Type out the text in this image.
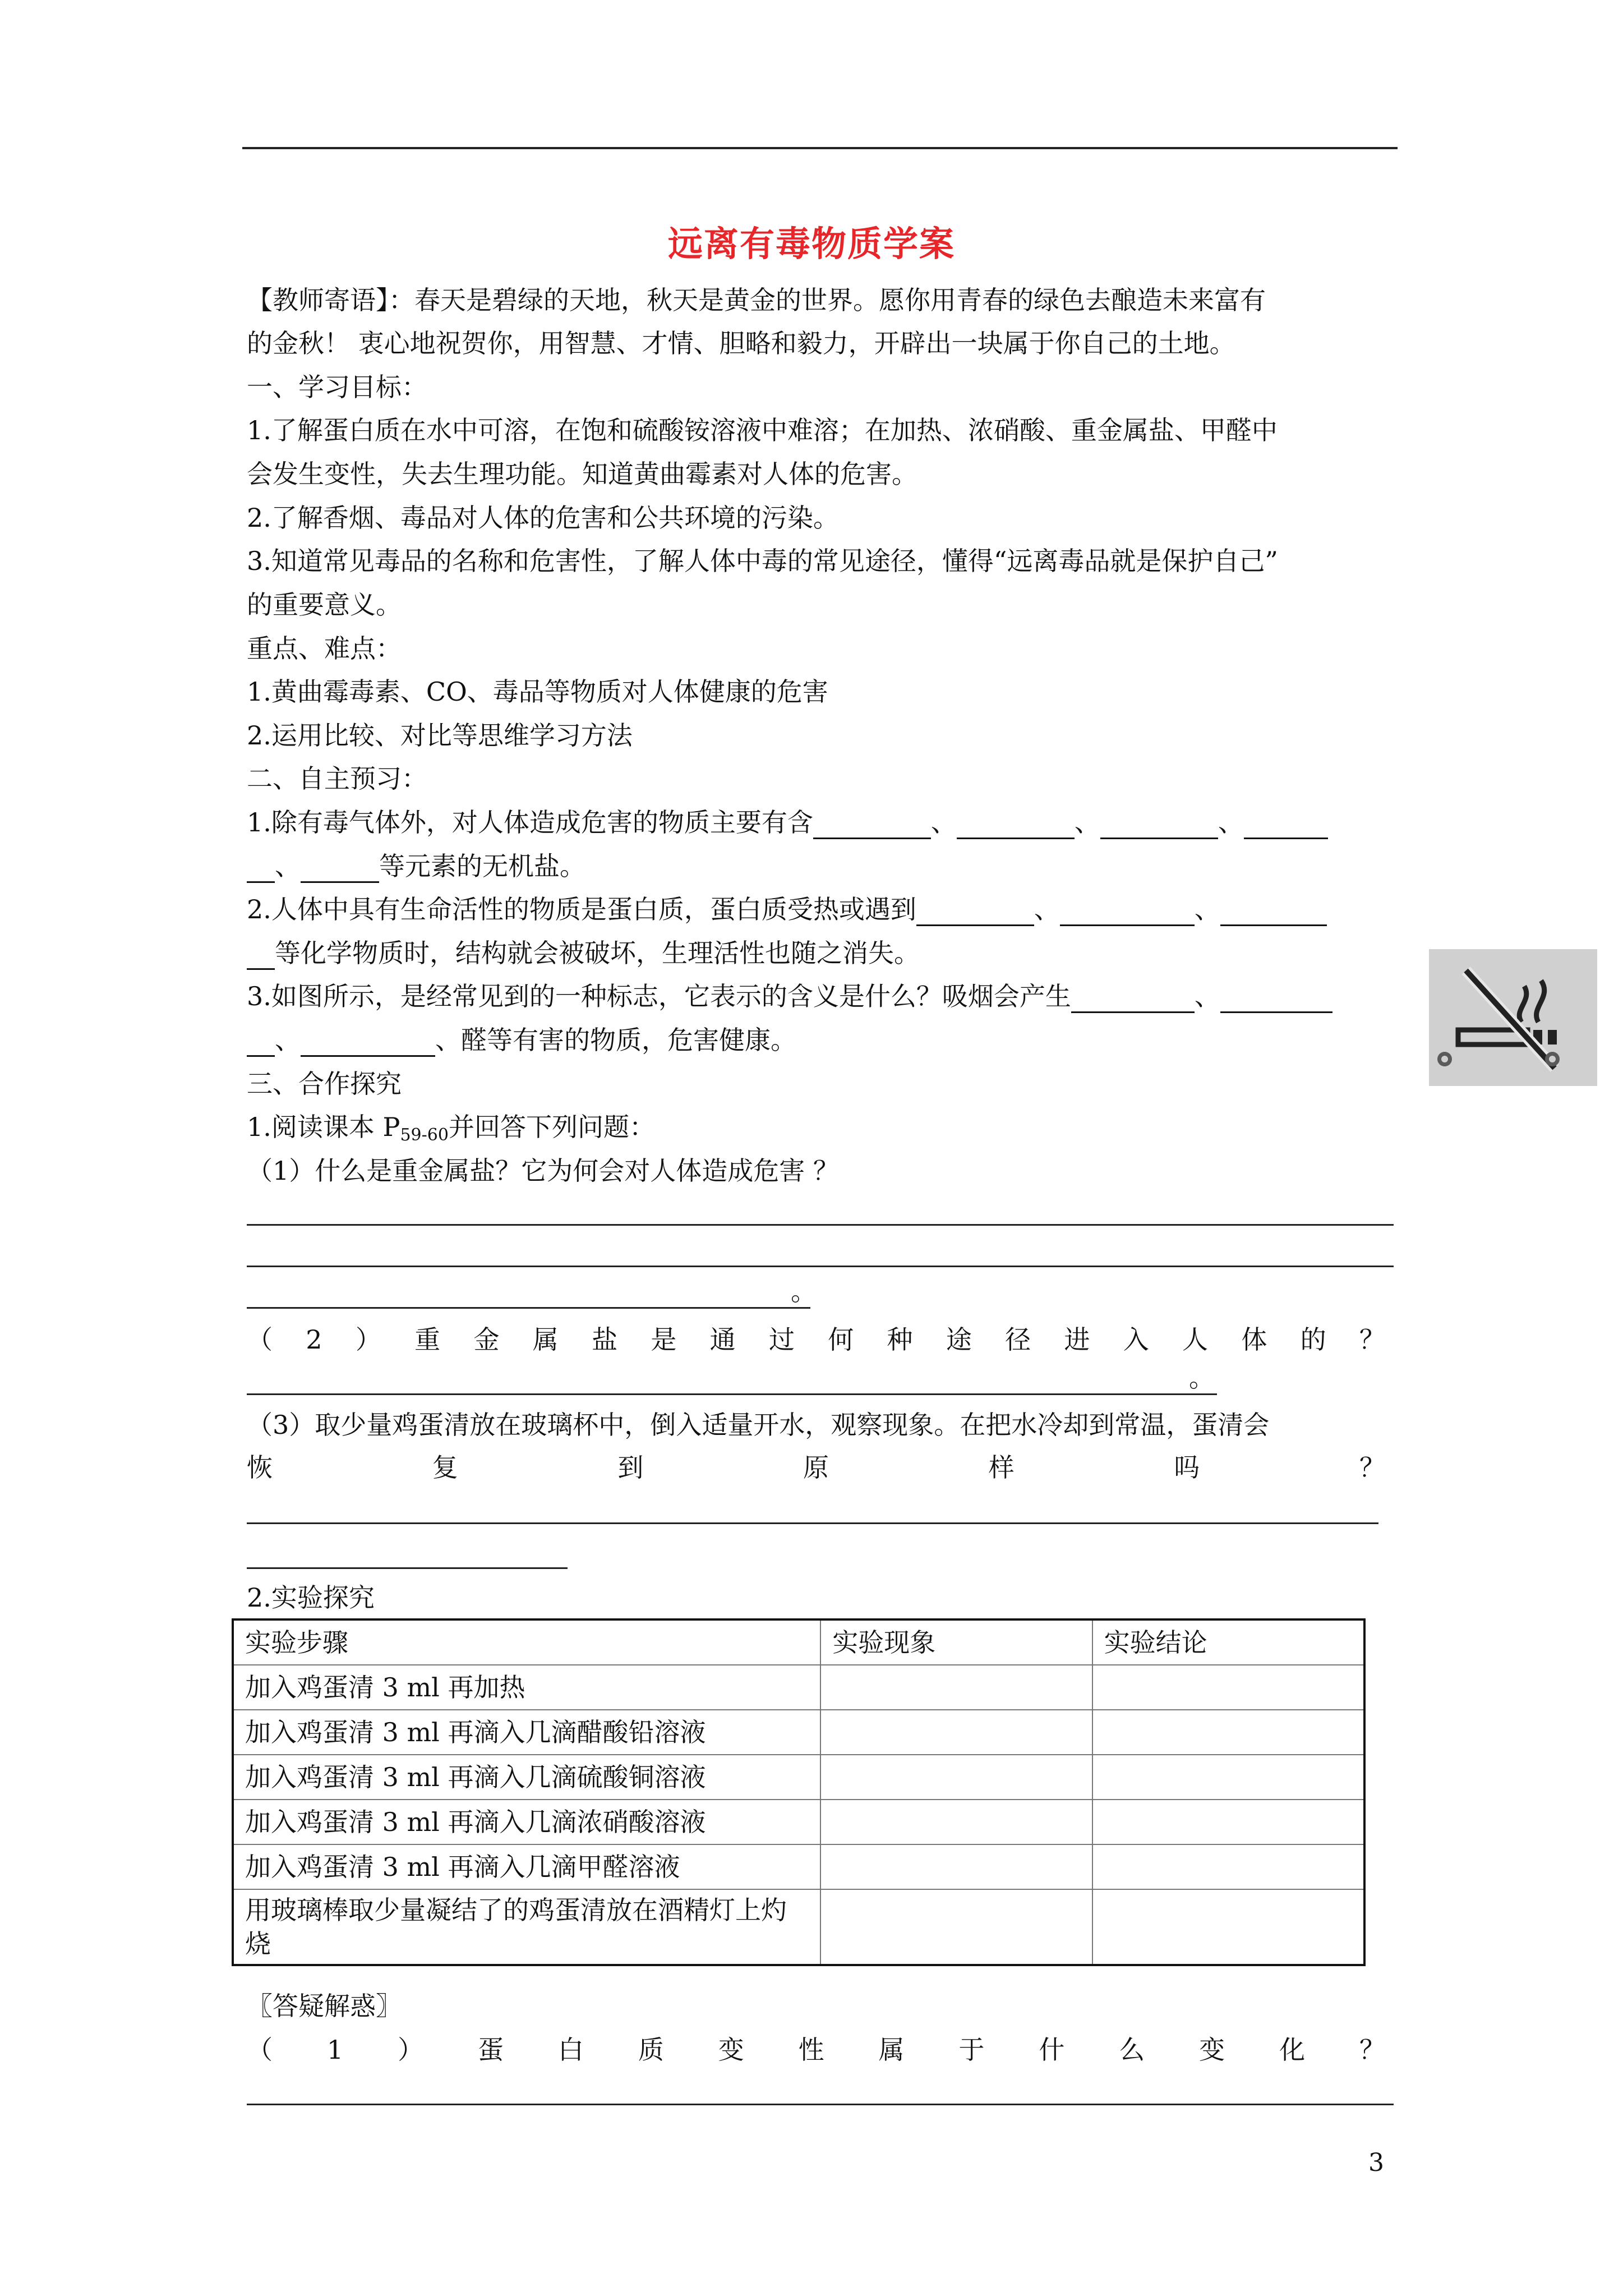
远离有毒物质学案
【教师寄语】：春天是碧绿的天地，秋天是黄金的世界。愿你用青春的绿色去酿造未来富有
的金秋！ 衷心地祝贺你，用智慧、才情、胆略和毅力，开辟出一块属于你自己的土地。
一、学习目标：
1.了解蛋白质在水中可溶，在饱和硫酸铵溶液中难溶；在加热、浓硝酸、重金属盐、甲醛中
会发生变性，失去生理功能。知道黄曲霉素对人体的危害。
2.了解香烟、毒品对人体的危害和公共环境的污染。
3.知道常见毒品的名称和危害性，了解人体中毒的常见途径，懂得“远离毒品就是保护自己”
的重要意义。
重点、难点：
1.黄曲霉毒素、CO、毒品等物质对人体健康的危害
2.运用比较、对比等思维学习方法
二、自主预习：
1.除有毒气体外，对人体造成危害的物质主要有含	、	、	、
、	等元素的无机盐。
2.人体中具有生命活性的物质是蛋白质，蛋白质受热或遇到	、	、
等化学物质时，结构就会被破坏，生理活性也随之消失。
3.如图所示，是经常见到的一种标志，它表示的含义是什么？吸烟会产生	、
、	、醛等有害的物质，危害健康。
三、合作探究
1.阅读课本 $P_{59-60}$并回答下列问题：
（1）什么是重金属盐？它为何会对人体造成危害 ？
。
（ 2 ） 重 金 属 盐 是 通 过 何 种 途 径 进 入 人 体 的 ？
。
（3）取少量鸡蛋清放在玻璃杯中，倒入适量开水，观察现象。在把水冷却到常温，蛋清会
恢	复	到	原	样	吗	？
2.实验探究
实验步骤	实验现象	实验结论
加入鸡蛋清 3 ml 再加热		
加入鸡蛋清 3 ml 再滴入几滴醋酸铅溶液		
加入鸡蛋清 3 ml 再滴入几滴硫酸铜溶液		
加入鸡蛋清 3 ml 再滴入几滴浓硝酸溶液		
加入鸡蛋清 3 ml 再滴入几滴甲醛溶液		
用玻璃棒取少量凝结了的鸡蛋清放在酒精灯上灼
烧		
〖答疑解惑〗
（ 1 ） 蛋 白 质 变 性 属 于 什 么 变 化 ？
3
